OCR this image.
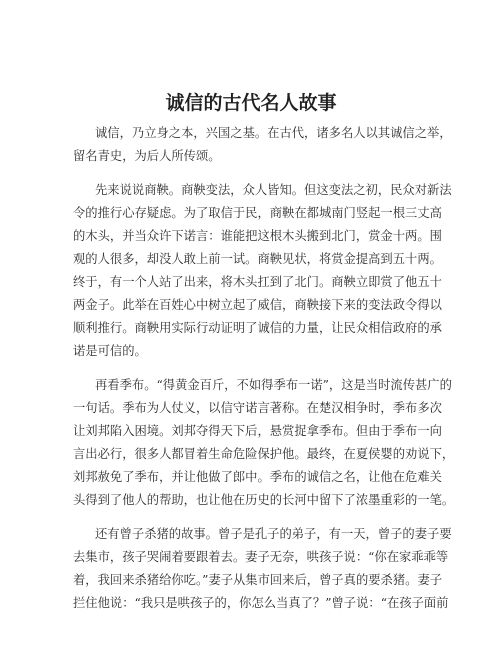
诚信的古代名人故事
诚信，乃立身之本，兴国之基。在古代，诸多名人以其诚信之举，
留名青史，为后人所传颂。
先来说说商鞅。商鞅变法，众人皆知。但这变法之初，民众对新法
令的推行心存疑虑。为了取信于民，商鞅在都城南门竖起一根三丈高
的木头，并当众许下诺言：谁能把这根木头搬到北门，赏金十两。围
观的人很多，却没人敢上前一试。商鞅见状，将赏金提高到五十两。
终于，有一个人站了出来，将木头扛到了北门。商鞅立即赏了他五十
两金子。此举在百姓心中树立起了威信，商鞅接下来的变法政令得以
顺利推行。商鞅用实际行动证明了诚信的力量，让民众相信政府的承
诺是可信的。
再看季布。“得黄金百斤，不如得季布一诺”，这是当时流传甚广的
一句话。季布为人仗义，以信守诺言著称。在楚汉相争时，季布多次
让刘邦陷入困境。刘邦夺得天下后，悬赏捉拿季布。但由于季布一向
言出必行，很多人都冒着生命危险保护他。最终，在夏侯婴的劝说下，
刘邦赦免了季布，并让他做了郎中。季布的诚信之名，让他在危难关
头得到了他人的帮助，也让他在历史的长河中留下了浓墨重彩的一笔。
还有曾子杀猪的故事。曾子是孔子的弟子，有一天，曾子的妻子要
去集市，孩子哭闹着要跟着去。妻子无奈，哄孩子说：“你在家乖乖等
着，我回来杀猪给你吃。”妻子从集市回来后，曾子真的要杀猪。妻子
拦住他说：“我只是哄孩子的，你怎么当真了？”曾子说：“在孩子面前
